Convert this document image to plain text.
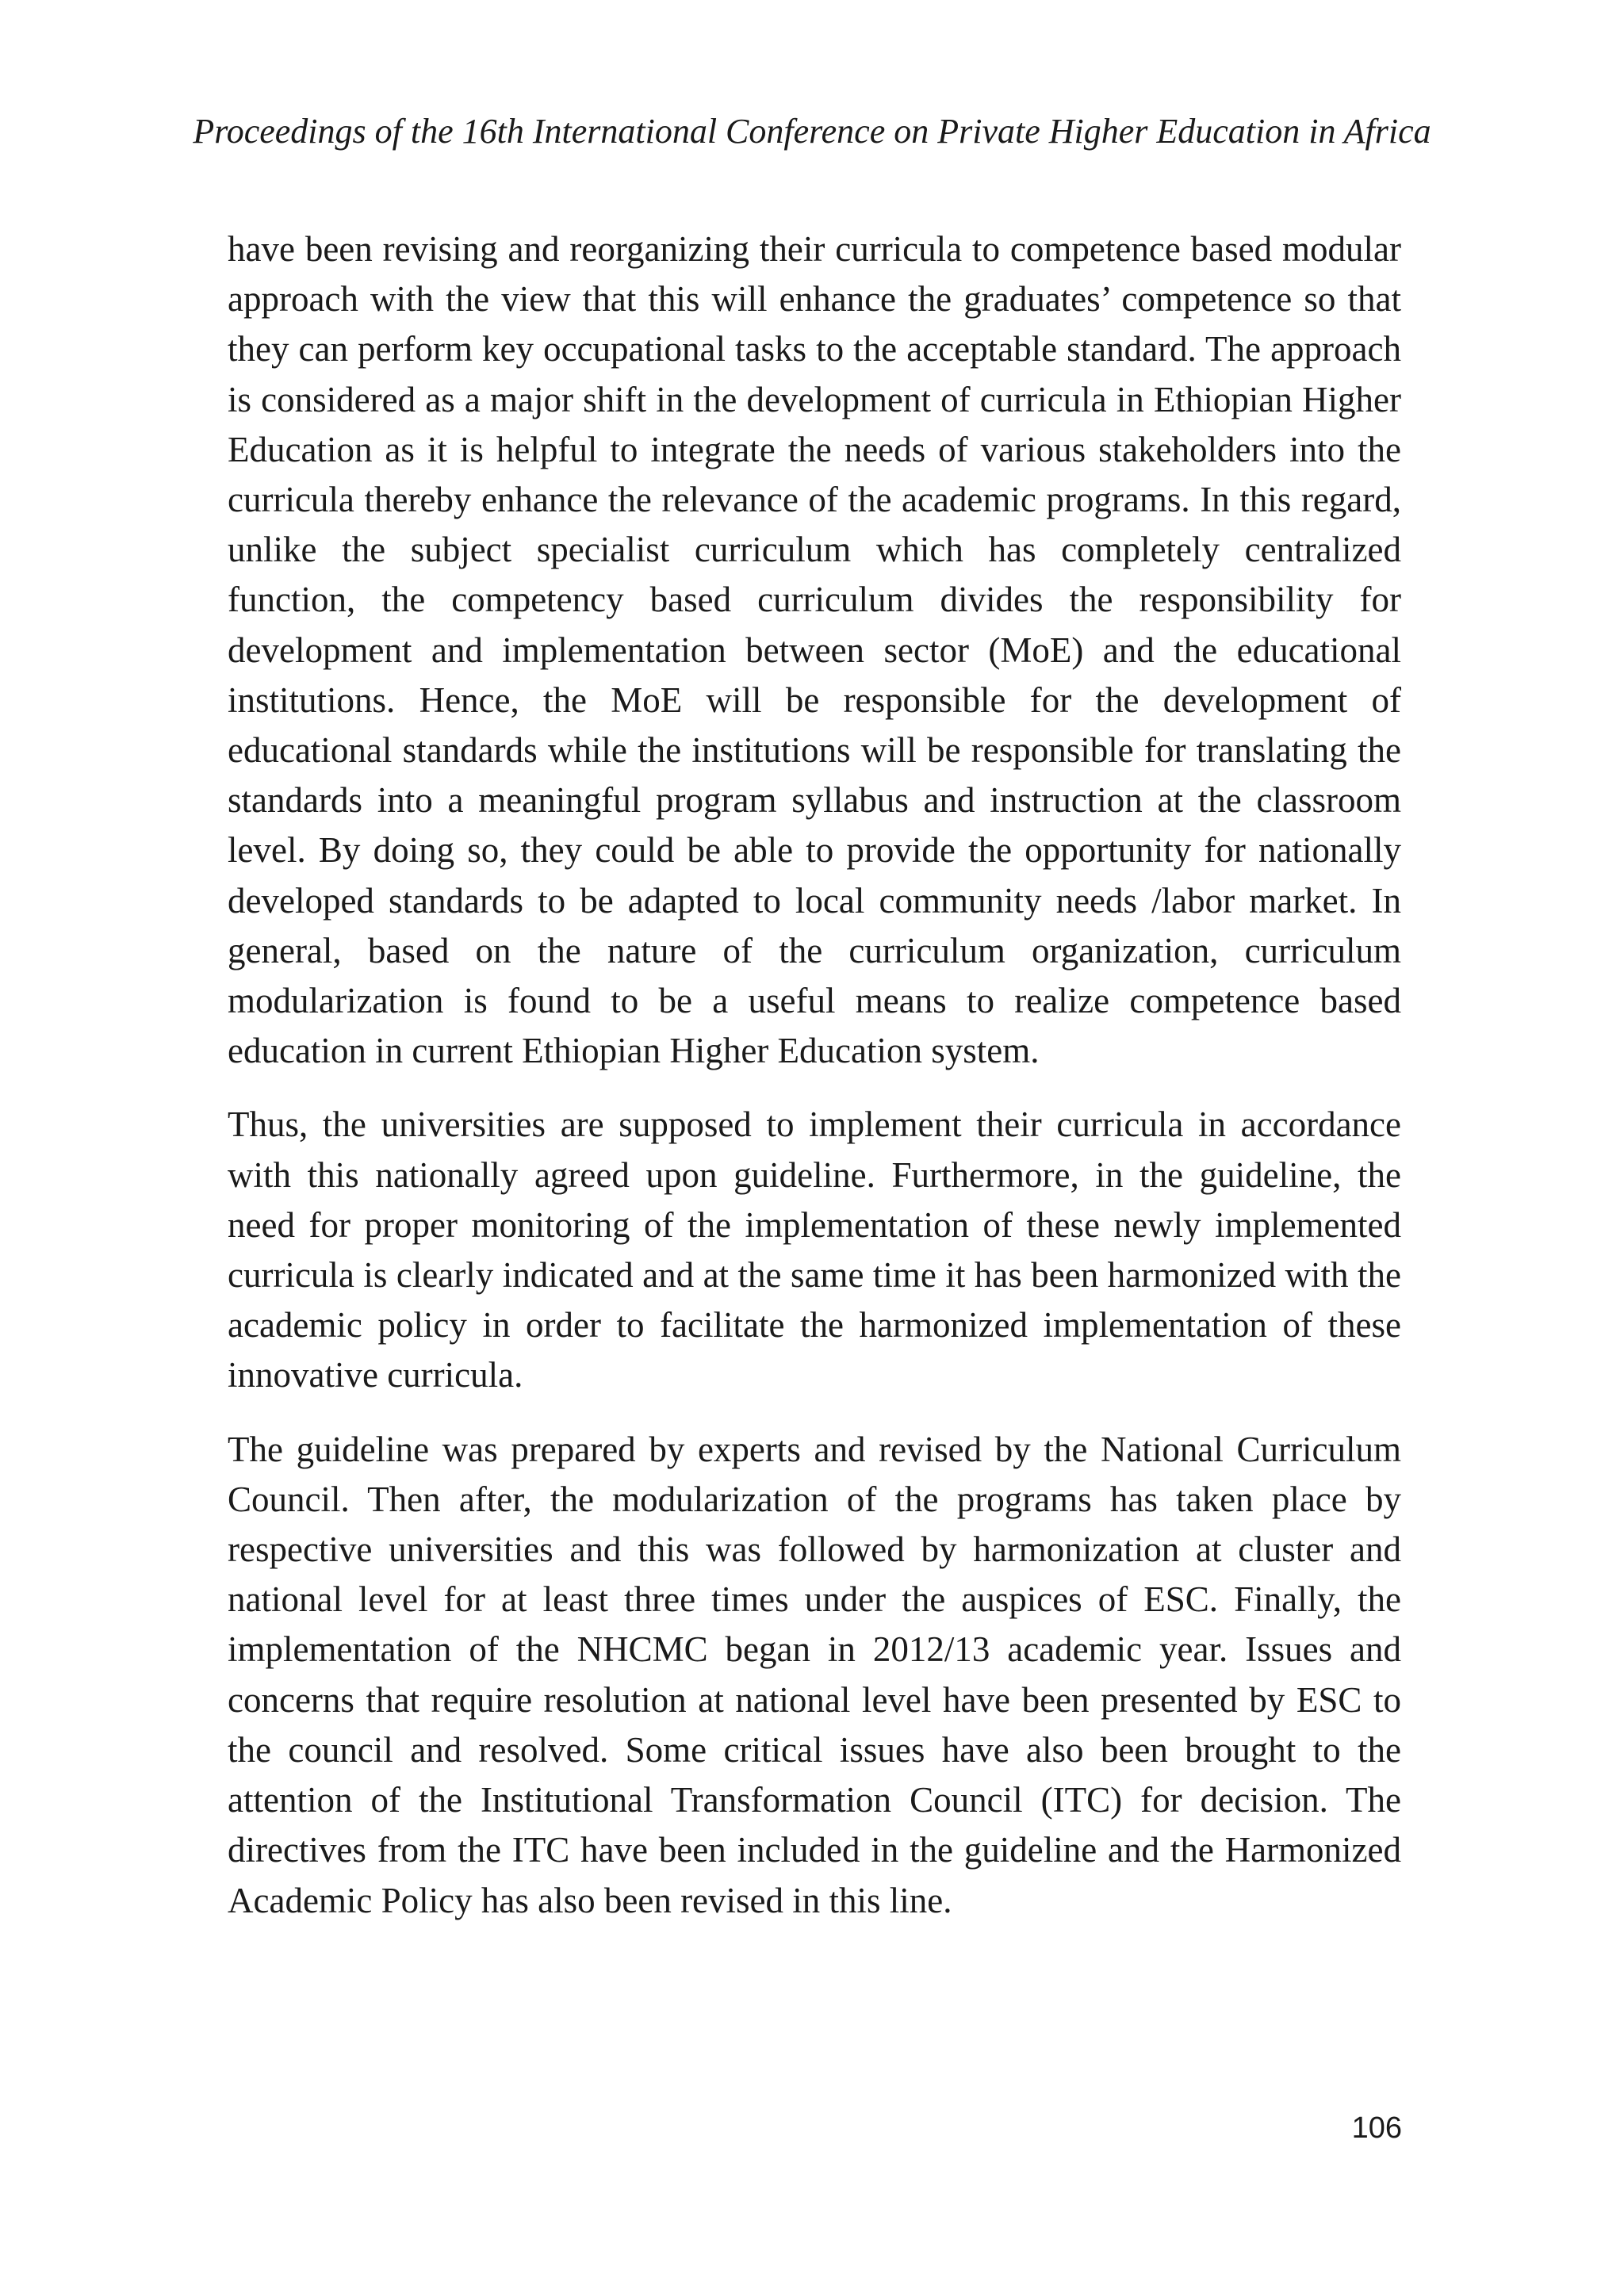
Proceedings of the 16th International Conference on Private Higher Education in Africa

have been revising and reorganizing their curricula to competence based modular approach with the view that this will enhance the graduates’ competence so that they can perform key occupational tasks to the acceptable standard. The approach is considered as a major shift in the development of curricula in Ethiopian Higher Education as it is helpful to integrate the needs of various stakeholders into the curricula thereby enhance the relevance of the academic programs. In this regard, unlike the subject specialist curriculum which has completely centralized function, the competency based curriculum divides the responsibility for development and implementation between sector (MoE) and the educational institutions. Hence, the MoE will be responsible for the development of educational standards while the institutions will be responsible for translating the standards into a meaningful program syllabus and instruction at the classroom level. By doing so, they could be able to provide the opportunity for nationally developed standards to be adapted to local community needs /labor market. In general, based on the nature of the curriculum organization, curriculum modularization is found to be a useful means to realize competence based education in current Ethiopian Higher Education system.

Thus, the universities are supposed to implement their curricula in accordance with this nationally agreed upon guideline. Furthermore, in the guideline, the need for proper monitoring of the implementation of these newly implemented curricula is clearly indicated and at the same time it has been harmonized with the academic policy in order to facilitate the harmonized implementation of these innovative curricula.

The guideline was prepared by experts and revised by the National Curriculum Council. Then after, the modularization of the programs has taken place by respective universities and this was followed by harmonization at cluster and national level for at least three times under the auspices of ESC. Finally, the implementation of the NHCMC began in 2012/13 academic year. Issues and concerns that require resolution at national level have been presented by ESC to the council and resolved. Some critical issues have also been brought to the attention of the Institutional Transformation Council (ITC) for decision. The directives from the ITC have been included in the guideline and the Harmonized Academic Policy has also been revised in this line.

106
